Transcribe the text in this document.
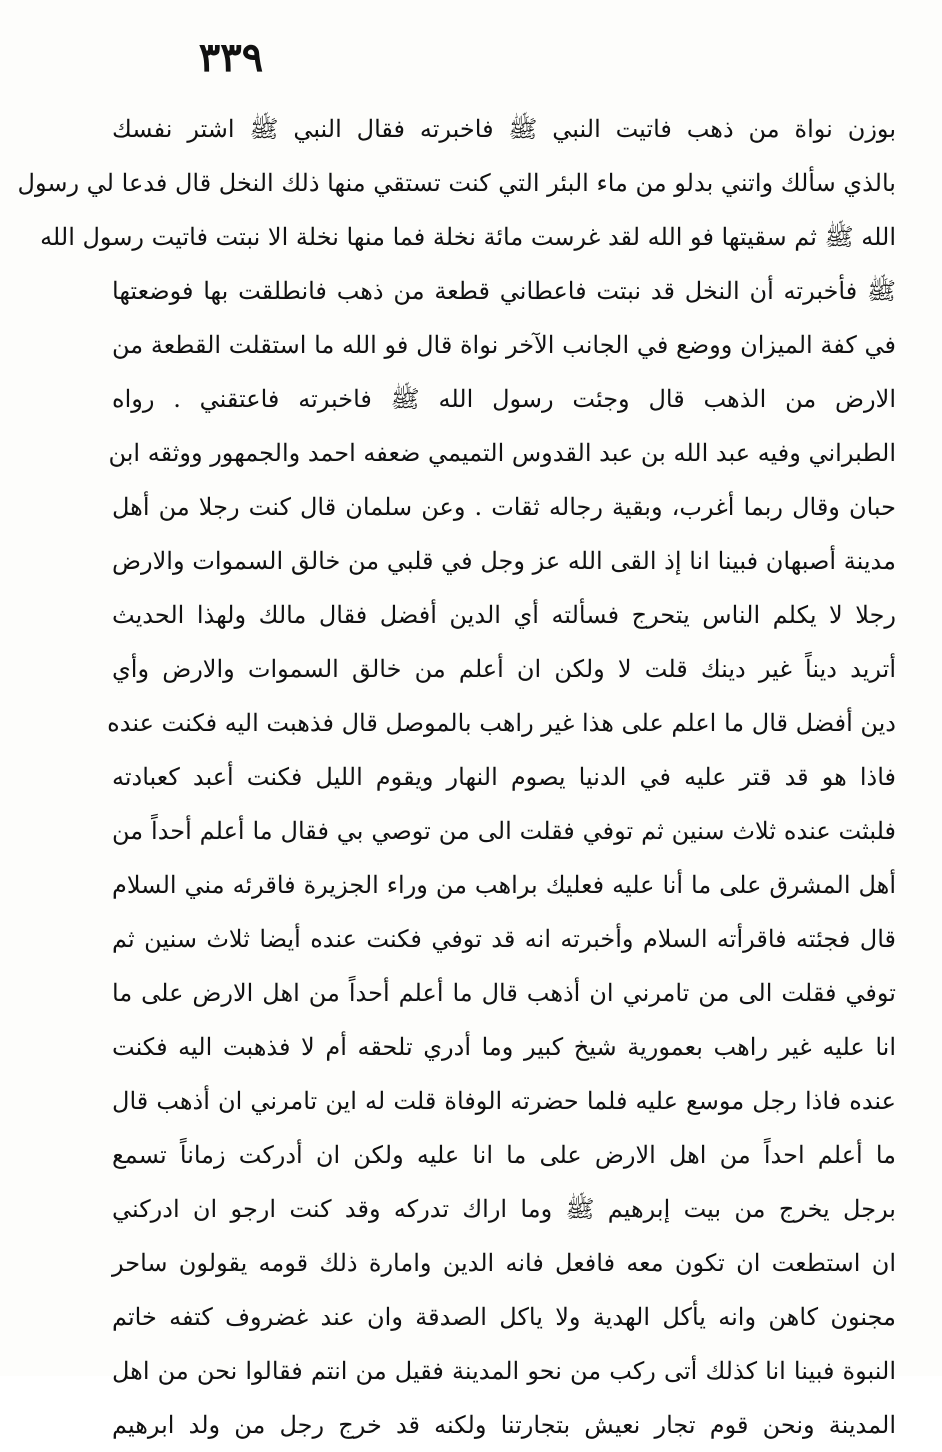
٣٣٩
بوزن نواة من ذهب فاتيت النبي ﷺ فاخبرته فقال النبي ﷺ اشتر نفسك
بالذي سألك واتني بدلو من ماء البئر التي كنت تستقي منها ذلك النخل قال فدعا لي رسول
الله ﷺ ثم سقيتها فو الله لقد غرست مائة نخلة فما منها نخلة الا نبتت فاتيت رسول الله
ﷺ فأخبرته أن النخل قد نبتت فاعطاني قطعة من ذهب فانطلقت بها فوضعتها
في كفة الميزان ووضع في الجانب الآخر نواة قال فو الله ما استقلت القطعة من
الارض من الذهب قال وجئت رسول الله ﷺ فاخبرته فاعتقني . رواه
الطبراني وفيه عبد الله بن عبد القدوس التميمي ضعفه احمد والجمهور ووثقه ابن
حبان وقال ربما أغرب، وبقية رجاله ثقات . وعن سلمان قال كنت رجلا من أهل
مدينة أصبهان فبينا انا إذ القى الله عز وجل في قلبي من خالق السموات والارض
رجلا لا يكلم الناس يتحرج فسألته أي الدين أفضل فقال مالك ولهذا الحديث
أتريد ديناً غير دينك قلت لا ولكن ان أعلم من خالق السموات والارض وأي
دين أفضل قال ما اعلم على هذا غير راهب بالموصل قال فذهبت اليه فكنت عنده
فاذا هو قد قتر عليه في الدنيا يصوم النهار ويقوم الليل فكنت أعبد كعبادته
فلبثت عنده ثلاث سنين ثم توفي فقلت الى من توصي بي فقال ما أعلم أحداً من
أهل المشرق على ما أنا عليه فعليك براهب من وراء الجزيرة فاقرئه مني السلام
قال فجئته فاقرأته السلام وأخبرته انه قد توفي فكنت عنده أيضا ثلاث سنين ثم
توفي فقلت الى من تامرني ان أذهب قال ما أعلم أحداً من اهل الارض على ما
انا عليه غير راهب بعمورية شيخ كبير وما أدري تلحقه أم لا فذهبت اليه فكنت
عنده فاذا رجل موسع عليه فلما حضرته الوفاة قلت له اين تامرني ان أذهب قال
ما أعلم احداً من اهل الارض على ما انا عليه ولكن ان أدركت زماناً تسمع
برجل يخرج من بيت إبرهيم ﷺ وما اراك تدركه وقد كنت ارجو ان ادركني
ان استطعت ان تكون معه فافعل فانه الدين وامارة ذلك قومه يقولون ساحر
مجنون كاهن وانه يأكل الهدية ولا ياكل الصدقة وان عند غضروف كتفه خاتم
النبوة فبينا انا كذلك أتى ركب من نحو المدينة فقيل من انتم فقالوا نحن من اهل
المدينة ونحن قوم تجار نعيش بتجارتنا ولكنه قد خرج رجل من ولد ابرهيم
